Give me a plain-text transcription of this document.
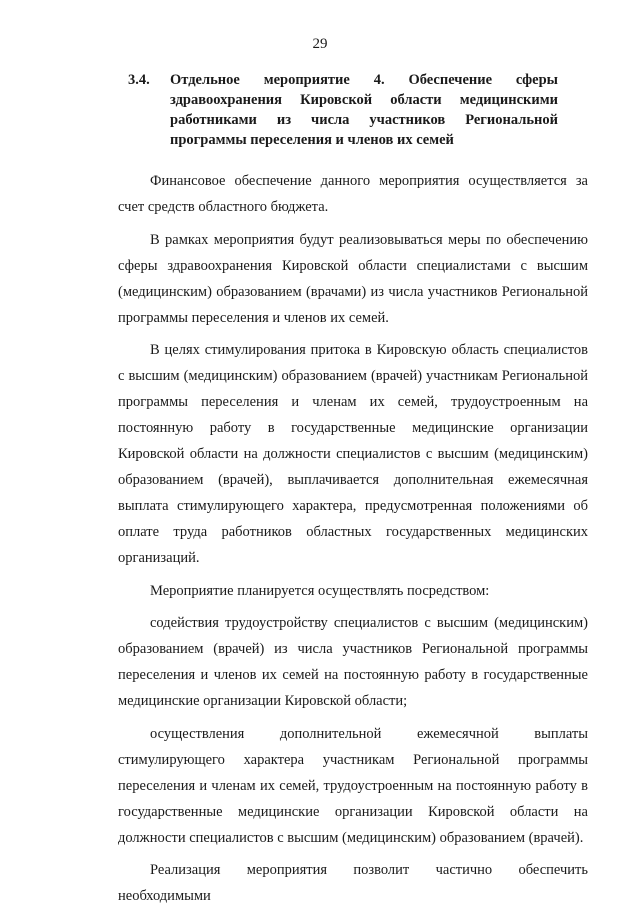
29
3.4.	Отдельное мероприятие 4. Обеспечение сферы здравоохранения Кировской области медицинскими работниками из числа участников Региональной программы переселения и членов их семей

Финансовое обеспечение данного мероприятия осуществляется за счет средств областного бюджета.

В рамках мероприятия будут реализовываться меры по обеспечению сферы здравоохранения Кировской области специалистами с высшим (медицинским) образованием (врачами) из числа участников Региональной программы переселения и членов их семей.

В целях стимулирования притока в Кировскую область специалистов с высшим (медицинским) образованием (врачей) участникам Региональной программы переселения и членам их семей, трудоустроенным на постоянную работу в государственные медицинские организации Кировской области на должности специалистов с высшим (медицинским) образованием (врачей), выплачивается дополнительная ежемесячная выплата стимулирующего характера, предусмотренная положениями об оплате труда работников областных государственных медицинских организаций.

Мероприятие планируется осуществлять посредством:

содействия трудоустройству специалистов с высшим (медицинским) образованием (врачей) из числа участников Региональной программы переселения и членов их семей на постоянную работу в государственные медицинские организации Кировской области;

осуществления дополнительной ежемесячной выплаты стимулирующего характера участникам Региональной программы переселения и членам их семей, трудоустроенным на постоянную работу в государственные медицинские организации Кировской области на должности специалистов с высшим (медицинским) образованием (врачей).

Реализация мероприятия позволит частично обеспечить необходимыми
